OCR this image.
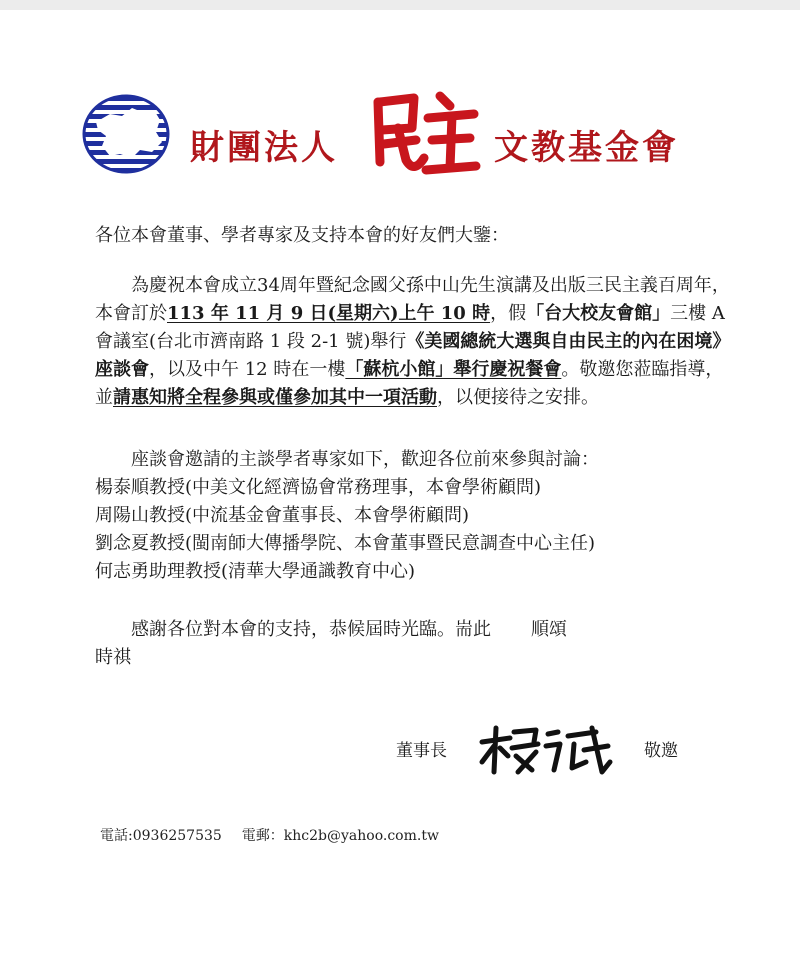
財團法人	文教基金會

各位本會董事、學者專家及支持本會的好友們大鑒：

為慶祝本會成立34周年暨紀念國父孫中山先生演講及出版三民主義百周年，本會訂於113 年 11 月 9 日(星期六)上午 10 時，假「台大校友會館」三樓 A 會議室(台北市濟南路 1 段 2-1 號)舉行《美國總統大選與自由民主的內在困境》座談會，以及中午 12 時在一樓「蘇杭小館」舉行慶祝餐會。敬邀您蒞臨指導，並請惠知將全程參與或僅參加其中一項活動，以便接待之安排。

座談會邀請的主談學者專家如下，歡迎各位前來參與討論：

楊泰順教授(中美文化經濟協會常務理事，本會學術顧問)

周陽山教授(中流基金會董事長、本會學術顧問)

劉念夏教授(閩南師大傳播學院、本會董事暨民意調查中心主任)

何志勇助理教授(清華大學通識教育中心)

感謝各位對本會的支持，恭候屆時光臨。耑此 順頌

時祺

董事長	敬邀
電話:0936257535 電郵：khc2b@yahoo.com.tw
